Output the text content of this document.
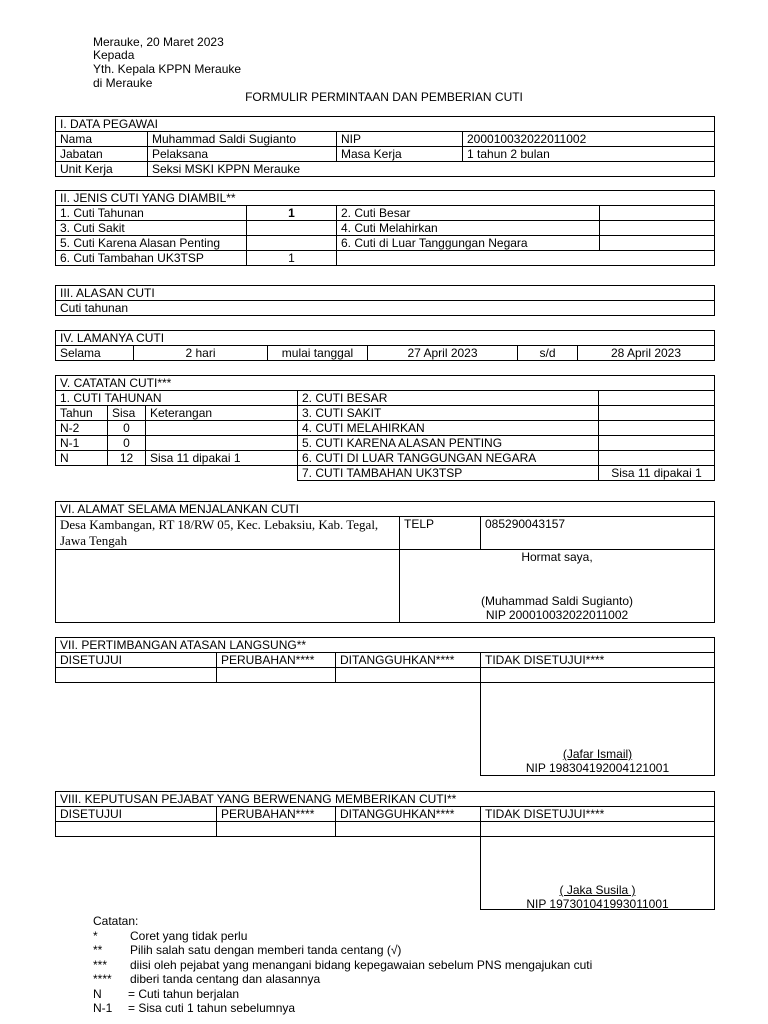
Merauke, 20 Maret 2023
Kepada
Yth. Kepala KPPN Merauke
di Merauke
FORMULIR PERMINTAAN DAN PEMBERIAN CUTI
I. DATA PEGAWAI			
Nama	Muhammad Saldi Sugianto	NIP	200010032022011002
Jabatan	Pelaksana	Masa Kerja	1 tahun 2 bulan
Unit Kerja	Seksi MSKI KPPN Merauke		
II. JENIS CUTI YANG DIAMBIL**			
1. Cuti Tahunan	1	2. Cuti Besar	
3. Cuti Sakit		4. Cuti Melahirkan	
5. Cuti Karena Alasan Penting		6. Cuti di Luar Tanggungan Negara	
6. Cuti Tambahan UK3TSP	1		
III. ALASAN CUTI
Cuti tahunan
IV. LAMANYA CUTI
Selama	2 hari	mulai tanggal	27 April 2023	s/d	28 April 2023
V. CATATAN CUTI***				
1. CUTI TAHUNAN			2. CUTI BESAR	
Tahun	Sisa	Keterangan	3. CUTI SAKIT	
N-2	0		4. CUTI MELAHIRKAN	
N-1	0		5. CUTI KARENA ALASAN PENTING	
N	12	Sisa 11 dipakai 1	6. CUTI DI LUAR TANGGUNGAN NEGARA	
			7. CUTI TAMBAHAN UK3TSP	Sisa 11 dipakai 1
VI. ALAMAT SELAMA MENJALANKAN CUTI		
Desa Kambangan, RT 18/RW 05, Kec. Lebaksiu, Kab. Tegal, Jawa Tengah	TELP	085290043157

	Hormat saya,
(Muhammad Saldi Sugianto)
NIP 200010032022011002	
VII. PERTIMBANGAN ATASAN LANGSUNG**			
DISETUJUI	PERUBAHAN****	DITANGGUHKAN****	TIDAK DISETUJUI****

			(Jafar Ismail)
NIP 198304192004121001
VIII. KEPUTUSAN PEJABAT YANG BERWENANG MEMBERIKAN CUTI**			
DISETUJUI	PERUBAHAN****	DITANGGUHKAN****	TIDAK DISETUJUI****

			( Jaka Susila )
NIP 197301041993011001
Catatan:
*	Coret yang tidak perlu
** Pilih salah satu dengan memberi tanda centang (√)
*** diisi oleh pejabat yang menangani bidang kepegawaian sebelum PNS mengajukan cuti
**** diberi tanda centang dan alasannya
N = Cuti tahun berjalan
N-1 = Sisa cuti 1 tahun sebelumnya
